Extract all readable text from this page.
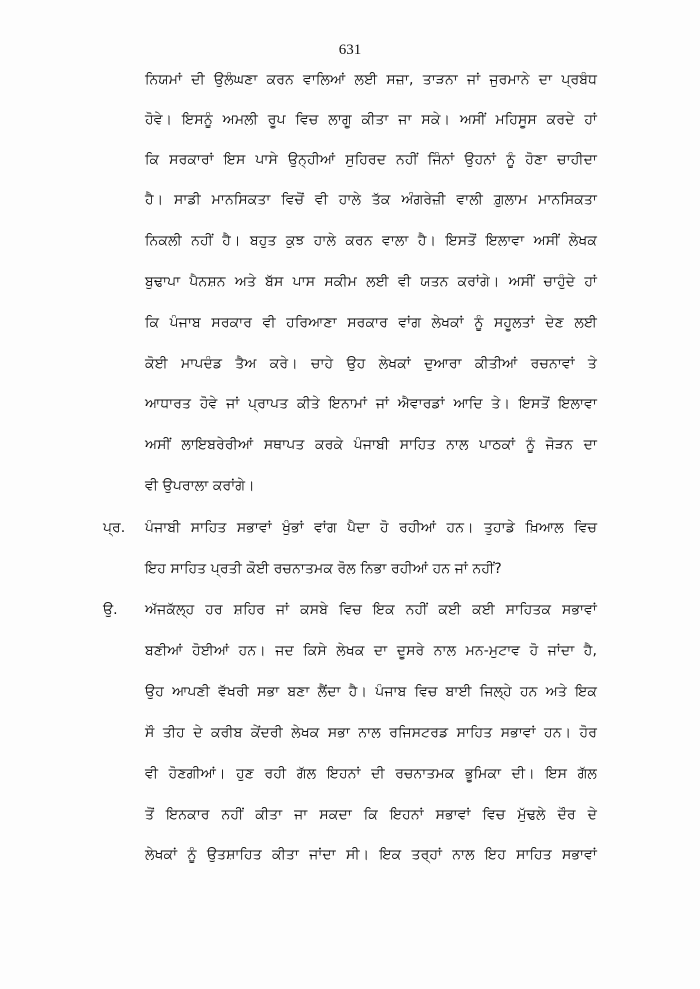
631
ਨਿਯਮਾਂ ਦੀ ਉਲੰਘਣਾ ਕਰਨ ਵਾਲਿਆਂ ਲਈ ਸਜ਼ਾ, ਤਾੜਨਾ ਜਾਂ ਜੁਰਮਾਨੇ ਦਾ ਪ੍ਰਬੰਧ
ਹੋਵੇ। ਇਸਨੂੰ ਅਮਲੀ ਰੂਪ ਵਿਚ ਲਾਗੂ ਕੀਤਾ ਜਾ ਸਕੇ। ਅਸੀਂ ਮਹਿਸੂਸ ਕਰਦੇ ਹਾਂ
ਕਿ ਸਰਕਾਰਾਂ ਇਸ ਪਾਸੇ ਉਨ੍ਹੀਆਂ ਸੁਹਿਰਦ ਨਹੀਂ ਜਿੰਨਾਂ ਉਹਨਾਂ ਨੂੰ ਹੋਣਾ ਚਾਹੀਦਾ
ਹੈ। ਸਾਡੀ ਮਾਨਸਿਕਤਾ ਵਿਚੋਂ ਵੀ ਹਾਲੇ ਤੱਕ ਅੰਗਰੇਜ਼ੀ ਵਾਲੀ ਗ਼ੁਲਾਮ ਮਾਨਸਿਕਤਾ
ਨਿਕਲੀ ਨਹੀਂ ਹੈ। ਬਹੁਤ ਕੁਝ ਹਾਲੇ ਕਰਨ ਵਾਲਾ ਹੈ। ਇਸਤੋਂ ਇਲਾਵਾ ਅਸੀਂ ਲੇਖਕ
ਬੁਢਾਪਾ ਪੈਨਸ਼ਨ ਅਤੇ ਬੱਸ ਪਾਸ ਸਕੀਮ ਲਈ ਵੀ ਯਤਨ ਕਰਾਂਗੇ। ਅਸੀਂ ਚਾਹੁੰਦੇ ਹਾਂ
ਕਿ ਪੰਜਾਬ ਸਰਕਾਰ ਵੀ ਹਰਿਆਣਾ ਸਰਕਾਰ ਵਾਂਗ ਲੇਖਕਾਂ ਨੂੰ ਸਹੂਲਤਾਂ ਦੇਣ ਲਈ
ਕੋਈ ਮਾਪਦੰਡ ਤੈਅ ਕਰੇ। ਚਾਹੇ ਉਹ ਲੇਖਕਾਂ ਦੁਆਰਾ ਕੀਤੀਆਂ ਰਚਨਾਵਾਂ ਤੇ
ਆਧਾਰਤ ਹੋਵੇ ਜਾਂ ਪ੍ਰਾਪਤ ਕੀਤੇ ਇਨਾਮਾਂ ਜਾਂ ਐਵਾਰਡਾਂ ਆਦਿ ਤੇ। ਇਸਤੋਂ ਇਲਾਵਾ
ਅਸੀਂ ਲਾਇਬਰੇਰੀਆਂ ਸਥਾਪਤ ਕਰਕੇ ਪੰਜਾਬੀ ਸਾਹਿਤ ਨਾਲ ਪਾਠਕਾਂ ਨੂੰ ਜੋੜਨ ਦਾ
ਵੀ ਉਪਰਾਲਾ ਕਰਾਂਗੇ।
ਪ੍ਰ. ਪੰਜਾਬੀ ਸਾਹਿਤ ਸਭਾਵਾਂ ਖੁੰਭਾਂ ਵਾਂਗ ਪੈਦਾ ਹੋ ਰਹੀਆਂ ਹਨ। ਤੁਹਾਡੇ ਖ਼ਿਆਲ ਵਿਚ
ਇਹ ਸਾਹਿਤ ਪ੍ਰਤੀ ਕੋਈ ਰਚਨਾਤਮਕ ਰੋਲ ਨਿਭਾ ਰਹੀਆਂ ਹਨ ਜਾਂ ਨਹੀਂ?
ਉ. ਅੱਜਕੱਲ੍ਹ ਹਰ ਸ਼ਹਿਰ ਜਾਂ ਕਸਬੇ ਵਿਚ ਇਕ ਨਹੀਂ ਕਈ ਕਈ ਸਾਹਿਤਕ ਸਭਾਵਾਂ
ਬਣੀਆਂ ਹੋਈਆਂ ਹਨ। ਜਦ ਕਿਸੇ ਲੇਖਕ ਦਾ ਦੂਸਰੇ ਨਾਲ ਮਨ-ਮੁਟਾਵ ਹੋ ਜਾਂਦਾ ਹੈ,
ਉਹ ਆਪਣੀ ਵੱਖਰੀ ਸਭਾ ਬਣਾ ਲੈਂਦਾ ਹੈ। ਪੰਜਾਬ ਵਿਚ ਬਾਈ ਜਿਲ੍ਹੇ ਹਨ ਅਤੇ ਇਕ
ਸੌ ਤੀਹ ਦੇ ਕਰੀਬ ਕੇਂਦਰੀ ਲੇਖਕ ਸਭਾ ਨਾਲ ਰਜਿਸਟਰਡ ਸਾਹਿਤ ਸਭਾਵਾਂ ਹਨ। ਹੋਰ
ਵੀ ਹੋਣਗੀਆਂ। ਹੁਣ ਰਹੀ ਗੱਲ ਇਹਨਾਂ ਦੀ ਰਚਨਾਤਮਕ ਭੂਮਿਕਾ ਦੀ। ਇਸ ਗੱਲ
ਤੋਂ ਇਨਕਾਰ ਨਹੀਂ ਕੀਤਾ ਜਾ ਸਕਦਾ ਕਿ ਇਹਨਾਂ ਸਭਾਵਾਂ ਵਿਚ ਮੁੱਢਲੇ ਦੌਰ ਦੇ
ਲੇਖਕਾਂ ਨੂੰ ਉਤਸ਼ਾਹਿਤ ਕੀਤਾ ਜਾਂਦਾ ਸੀ। ਇਕ ਤਰ੍ਹਾਂ ਨਾਲ ਇਹ ਸਾਹਿਤ ਸਭਾਵਾਂ
